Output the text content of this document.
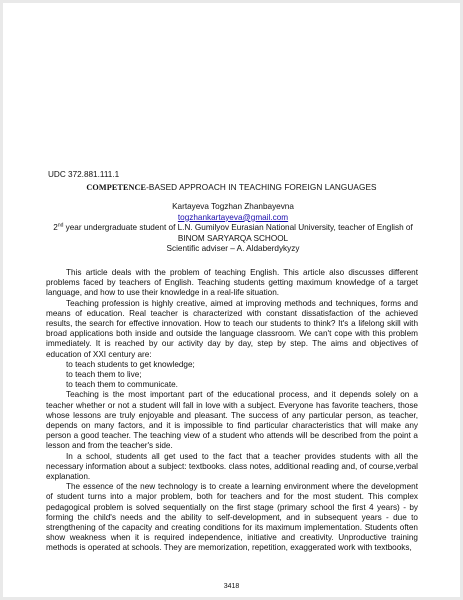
UDC 372.881.111.1
COMPETENCE-BASED APPROACH IN TEACHING FOREIGN LANGUAGES
Kartayeva Togzhan Zhanbayevna
togzhankartayeva@gmail.com
2nd year undergraduate student of L.N. Gumilyov Eurasian National University, teacher of English of BINOM SARYARQA SCHOOL
Scientific adviser – A. Aldaberdykyzy

This article deals with the problem of teaching English. This article also discusses different problems faced by teachers of English. Teaching students getting maximum knowledge of a target language, and how to use their knowledge in a real-life situation.

Teaching profession is highly creative, aimed at improving methods and techniques, forms and means of education. Real teacher is characterized with constant dissatisfaction of the achieved results, the search for effective innovation. How to teach our students to think? It's a lifelong skill with broad applications both inside and outside the language classroom. We can't cope with this problem immediately. It is reached by our activity day by day, step by step. The aims and objectives of education of XXI century are:

to teach students to get knowledge;
to teach them to live;
to teach them to communicate.

Teaching is the most important part of the educational process, and it depends solely on a teacher whether or not a student will fall in love with a subject. Everyone has favorite teachers, those whose lessons are truly enjoyable and pleasant. The success of any particular person, as teacher, depends on many factors, and it is impossible to find particular characteristics that will make any person a good teacher. The teaching view of a student who attends will be described from the point a lesson and from the teacher's side.

In a school, students all get used to the fact that a teacher provides students with all the necessary information about a subject: textbooks. class notes, additional reading and, of course,verbal explanation.

The essence of the new technology is to create a learning environment where the development of student turns into a major problem, both for teachers and for the most student. This complex pedagogical problem is solved sequentially on the first stage (primary school the first 4 years) - by forming the child's needs and the ability to self-development, and in subsequent years - due to strengthening of the capacity and creating conditions for its maximum implementation. Students often show weakness when it is required independence, initiative and creativity. Unproductive training methods is operated at schools. They are memorization, repetition, exaggerated work with textbooks,

3418
